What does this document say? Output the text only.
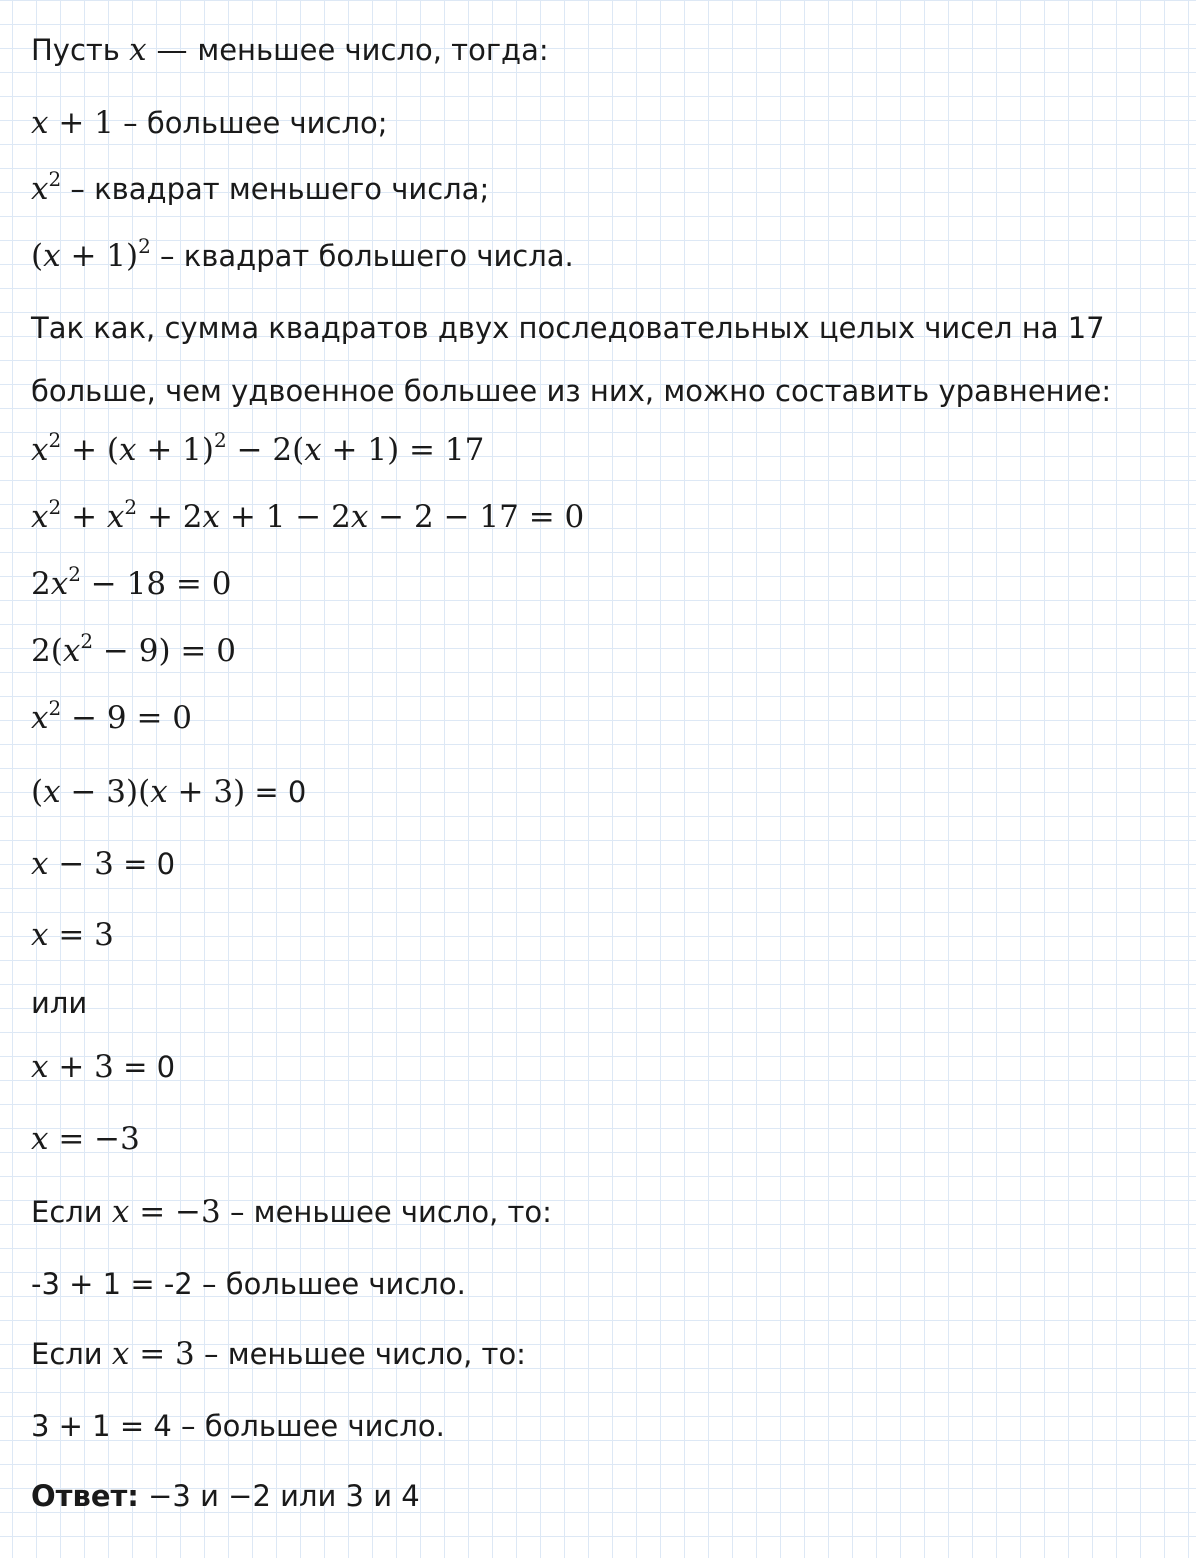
Пусть x — меньшее число, тогда:
x + 1 – большее число;
$x^2$ – квадрат меньшего числа;
$(x + 1)^2$ – квадрат большего числа.
Так как, сумма квадратов двух последовательных целых чисел на 17
больше, чем удвоенное большее из них, можно составить уравнение:
$x^2 + (x + 1)^2 - 2(x + 1) = 17$
$x^2 + x^2 + 2x + 1 - 2x - 2 - 17 = 0$
$2x^2 - 18 = 0$
$2(x^2 - 9) = 0$
$x^2 - 9 = 0$
(x − 3)(x + 3) = 0
x − 3 = 0
x = 3
или
x + 3 = 0
x = −3
Если x = −3 – меньшее число, то:
-3 + 1 = -2 – большее число.
Если x = 3 – меньшее число, то:
3 + 1 = 4 – большее число.
Ответ: −3 и −2 или 3 и 4
